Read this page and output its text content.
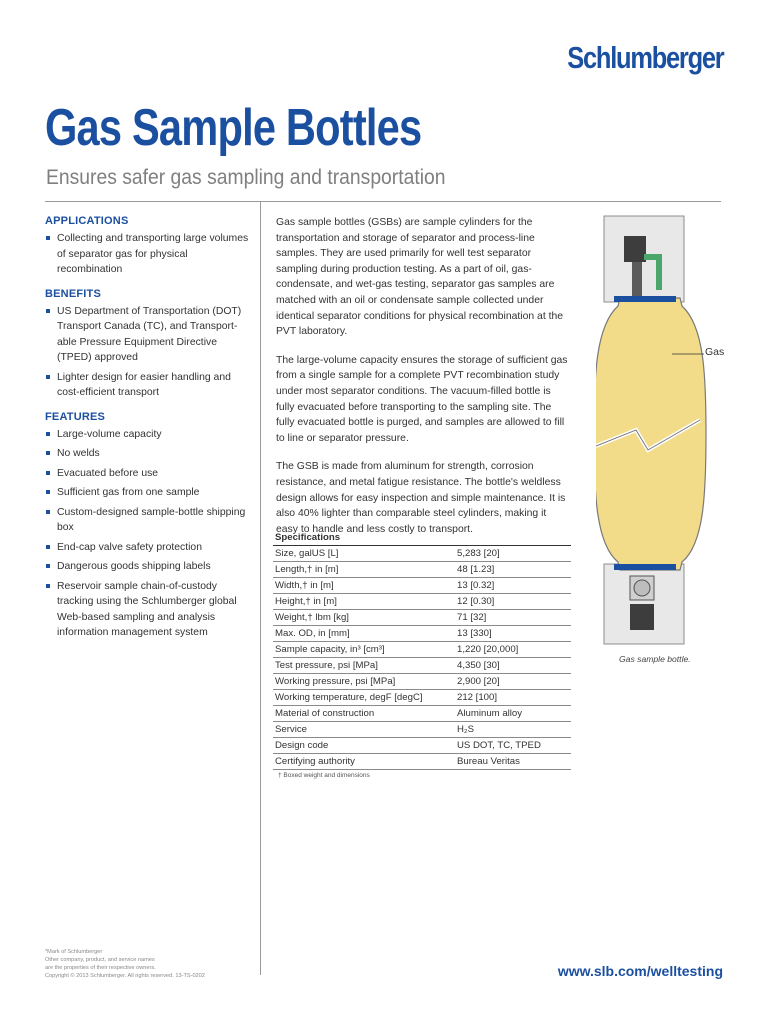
Schlumberger
Gas Sample Bottles
Ensures safer gas sampling and transportation
APPLICATIONS
Collecting and transporting large volumes of separator gas for physical recombination
BENEFITS
US Department of Transportation (DOT) Transport Canada (TC), and Transport-able Pressure Equipment Directive (TPED) approved
Lighter design for easier handling and cost-efficient transport
FEATURES
Large-volume capacity
No welds
Evacuated before use
Sufficient gas from one sample
Custom-designed sample-bottle shipping box
End-cap valve safety protection
Dangerous goods shipping labels
Reservoir sample chain-of-custody tracking using the Schlumberger global Web-based sampling and analysis information management system

Gas sample bottles (GSBs) are sample cylinders for the transportation and storage of separator and process-line samples. They are used primarily for well test separator sampling during production testing. As a part of oil, gas-condensate, and wet-gas testing, separator gas samples are matched with an oil or condensate sample collected under identical separator conditions for physical recombination at the PVT laboratory.

The large-volume capacity ensures the storage of sufficient gas from a single sample for a complete PVT recombination study under most separator conditions. The vacuum-filled bottle is fully evacuated before transporting to the sampling site. The fully evacuated bottle is purged, and samples are allowed to fill to line or separator pressure.

The GSB is made from aluminum for strength, corrosion resistance, and metal fatigue resistance. The bottle's weldless design allows for easy inspection and simple maintenance. It is also 40% lighter than comparable steel cylinders, making it easy to handle and less costly to transport.

Specifications	
Size, galUS [L]	5,283 [20]
Length,† in [m]	48 [1.23]
Width,† in [m]	13 [0.32]
Height,† in [m]	12 [0.30]
Weight,† lbm [kg]	71 [32]
Max. OD, in [mm]	13 [330]
Sample capacity, in³ [cm³]	1,220 [20,000]
Test pressure, psi [MPa]	4,350 [30]
Working pressure, psi [MPa]	2,900 [20]
Working temperature, degF [degC]	212 [100]
Material of construction	Aluminum alloy
Service	H₂S
Design code	US DOT, TC, TPED
Certifying authority	Bureau Veritas
† Boxed weight and dimensions
Gas
Gas sample bottle.
*Mark of Schlumberger
Other company, product, and service names
are the properties of their respective owners.
Copyright © 2013 Schlumberger. All rights reserved. 13-TS-0202	www.slb.com/welltesting
